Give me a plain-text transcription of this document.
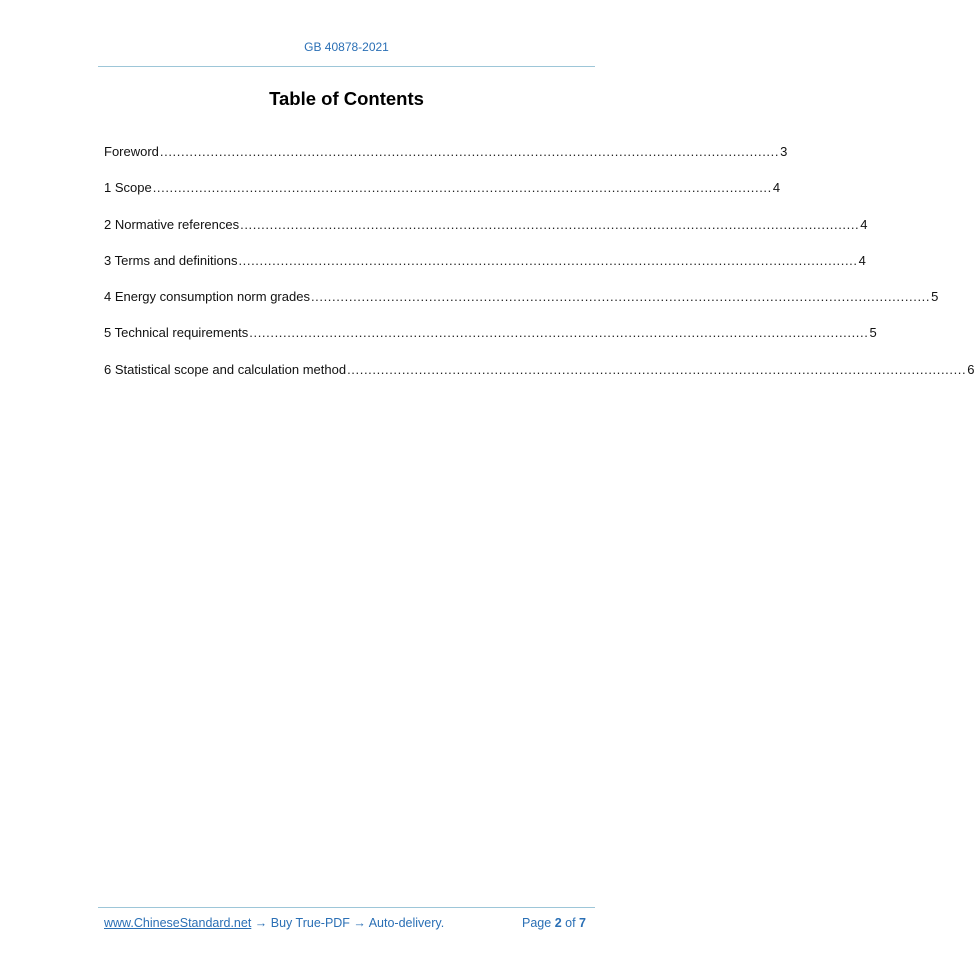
GB 40878-2021
Table of Contents
Foreword ................................................................................................................................................... 3
1 Scope ................................................................................................................................................... 4
2 Normative references ................................................................................................................................................... 4
3 Terms and definitions ................................................................................................................................................... 4
4 Energy consumption norm grades ................................................................................................................................................... 5
5 Technical requirements ................................................................................................................................................... 5
6 Statistical scope and calculation method ................................................................................................................................................... 6
www.ChineseStandard.net → Buy True-PDF → Auto-delivery.	Page 2 of 7
